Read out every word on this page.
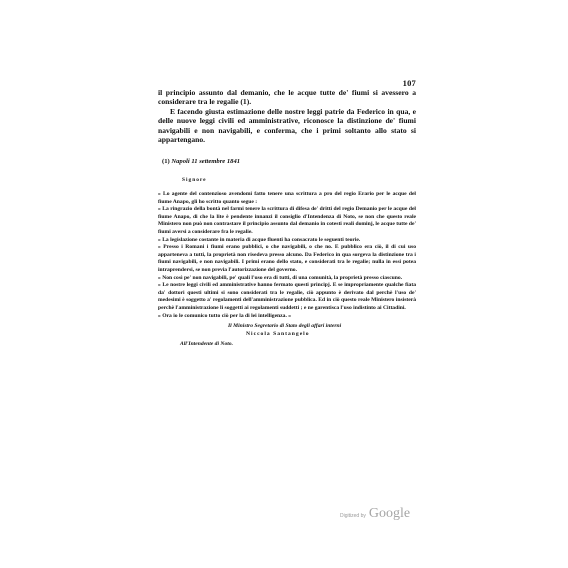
107

il principio assunto dal demanio, che le acque tutte de' fiumi si avessero a considerare tra le regalie (1).

E facendo giusta estimazione delle nostre leggi patrie da Federico in qua, e delle nuove leggi civili ed amministrative, riconosce la distinzione de' fiumi navigabili e non navigabili, e conferma, che i primi soltanto allo stato si appartengano.

(1) Napoli 11 settembre 1841
Signore

» Lo agente del contenzioso avendomi fatto tenere una scrittura a pro del regio Erario per le acque del fiume Anapo, gli ho scritto quanto segue :

» La ringrazio della bontà nel farmi tenere la scrittura di difesa de' dritti del regio Demanio per le acque del fiume Anapo, di che la lite è pendente innanzi il consiglio d'Intendenza di Noto, se non che questo reale Ministero non può non contrastare il principio assunto dal demanio in cotesti reali dominj, le acque tutte de' fiumi aversi a considerare fra le regalie.

» La legislazione costante in materia di acque fluenti ha consacrato le seguenti teorie.

» Presso i Romani i fiumi erano pubblici, o che navigabili, o che no. E pubblico era ciò, il di cui uso apparteneva a tutti, la proprietà non risedeva presso alcuno. Da Federico in qua sorgeva la distinzione tra i fiumi navigabili, e non navigabili. I primi erano dello stato, e considerati tra le regalie; nulla in essi potea intraprendersi, se non previa l'autorizzazione del governo.

» Non così pe' non navigabili, pe' quali l'uso era di tutti, di una comunità, la proprietà presso ciascuno.

» Le nostre leggi civili ed amministrative hanno fermato questi principj. E se impropriamente qualche fiata da' dottori questi ultimi si sono considerati tra le regalie, ciò appunto è derivato dal perchè l'uso de' medesimi è soggetto a' regolamenti dell'amministrazione pubblica. Ed in ciò questo reale Ministero insisterà perchè l'amministrazione li soggetti ai regolamenti suddetti ; e ne garentisca l'uso indistinto ai Cittadini.

» Ora io le comunico tutto ciò per la di lei intelligenza. »

Il Ministro Segretario di Stato degli affari interni
Niccola Santangelo
All'Intendente di Noto.
Digitized by Google
